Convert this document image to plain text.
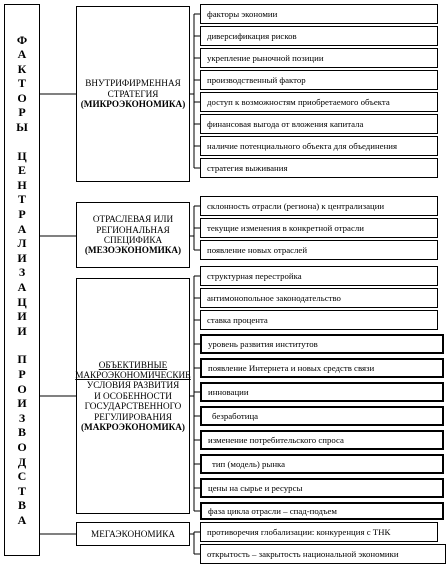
Ф
А
К
Т
О
Р
Ы
Ц
Е
Н
Т
Р
А
Л
И
З
А
Ц
И
И
П
Р
О
И
З
В
О
Д
С
Т
В
А
ВНУТРИФИРМЕННАЯ
СТРАТЕГИЯ
(МИКРОЭКОНОМИКА)
ОТРАСЛЕВАЯ ИЛИ
РЕГИОНАЛЬНАЯ
СПЕЦИФИКА
(МЕЗОЭКОНОМИКА)
ОБЪЕКТИВНЫЕ
МАКРОЭКОНОМИЧЕСКИЕ
УСЛОВИЯ РАЗВИТИЯ
И ОСОБЕННОСТИ
ГОСУДАРСТВЕННОГО
РЕГУЛИРОВАНИЯ
(МАКРОЭКОНОМИКА)
МЕГАЭКОНОМИКА
факторы экономии
диверсификация рисков
укрепление рыночной позиции
производственный фактор
доступ к возможностям приобретаемого объекта
финансовая выгода от вложения капитала
наличие потенциального объекта для объединения
стратегия выживания
склонность отрасли (региона) к централизации
текущие изменения в конкретной отрасли
появление новых отраслей
структурная перестройка
антимонопольное законодательство
ставка процента
уровень развития институтов
появление Интернета и новых средств связи
инновации
безработица
изменение потребительского спроса
тип (модель) рынка
цены на сырье и ресурсы
фаза цикла отрасли – спад-подъем
противоречия глобализации: конкуренция с ТНК
открытость – закрытость национальной экономики
